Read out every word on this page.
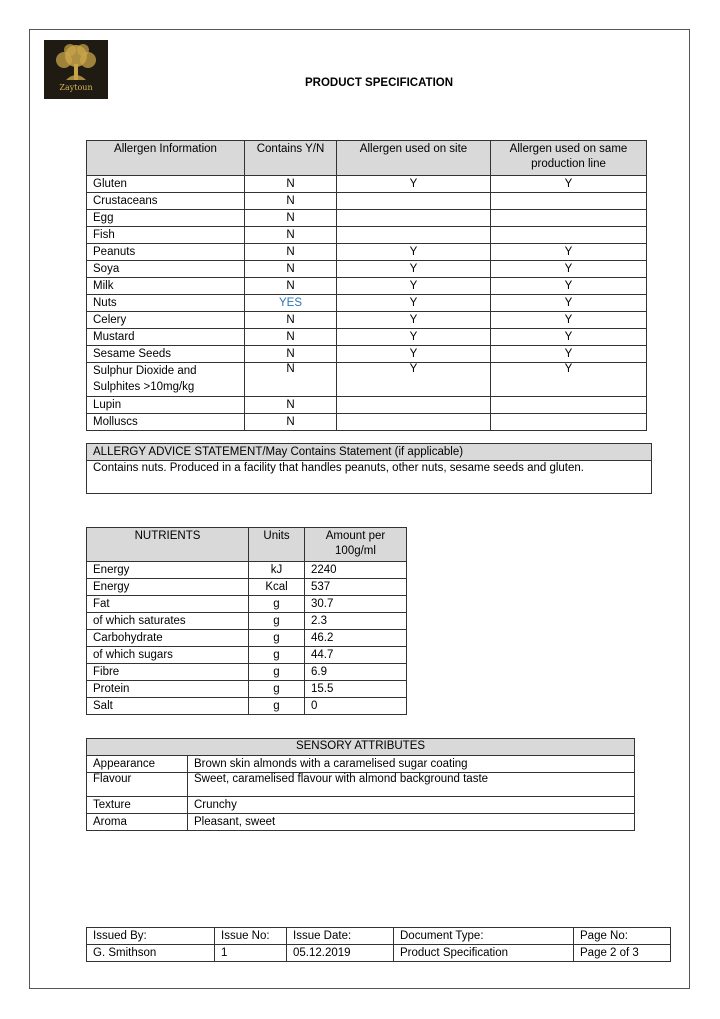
Zaytoun	PRODUCT SPECIFICATION
Allergen Information	Contains Y/N	Allergen used on site	Allergen used on same production line
Gluten	N	Y	Y
Crustaceans	N		
Egg	N		
Fish	N		
Peanuts	N	Y	Y
Soya	N	Y	Y
Milk	N	Y	Y
Nuts	YES	Y	Y
Celery	N	Y	Y
Mustard	N	Y	Y
Sesame Seeds	N	Y	Y
Sulphur Dioxide and Sulphites >10mg/kg	N	Y	Y
Lupin	N		
Molluscs	N		
ALLERGY ADVICE STATEMENT/May Contains Statement (if applicable)
Contains nuts. Produced in a facility that handles peanuts, other nuts, sesame seeds and gluten.
NUTRIENTS	Units	Amount per 100g/ml
Energy	kJ	2240
Energy	Kcal	537
Fat	g	30.7
of which saturates	g	2.3
Carbohydrate	g	46.2
of which sugars	g	44.7
Fibre	g	6.9
Protein	g	15.5
Salt	g	0
SENSORY ATTRIBUTES	
Appearance	Brown skin almonds with a caramelised sugar coating
Flavour	Sweet, caramelised flavour with almond background taste
Texture	Crunchy
Aroma	Pleasant, sweet
Issued By:	Issue No:	Issue Date:	Document Type:	Page No:
G. Smithson	1	05.12.2019	Product Specification	Page 2 of 3
